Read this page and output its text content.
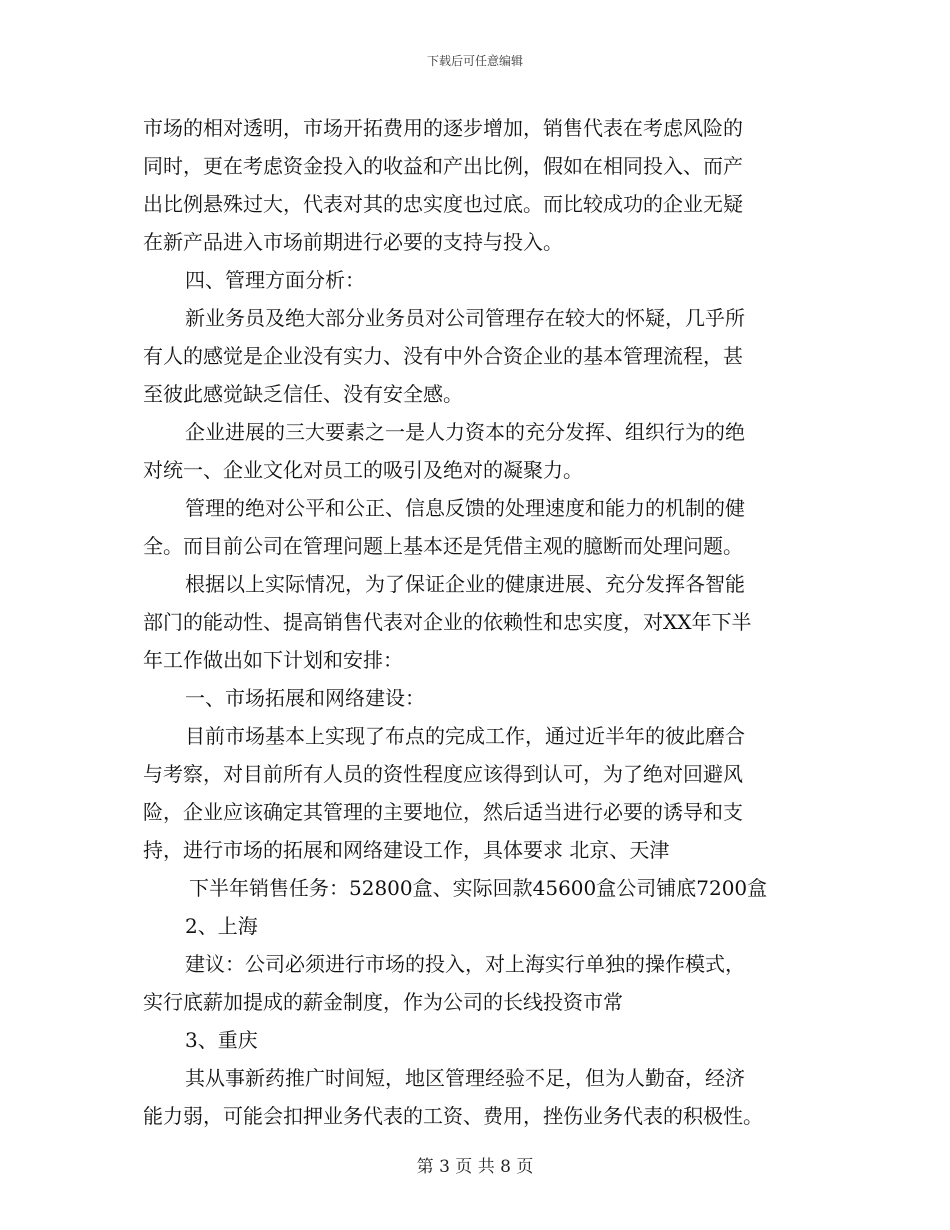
下载后可任意编辑
市场的相对透明，市场开拓费用的逐步增加，销售代表在考虑风险的
同时，更在考虑资金投入的收益和产出比例，假如在相同投入、而产
出比例悬殊过大，代表对其的忠实度也过底。而比较成功的企业无疑
在新产品进入市场前期进行必要的支持与投入。
四、管理方面分析：
新业务员及绝大部分业务员对公司管理存在较大的怀疑，几乎所
有人的感觉是企业没有实力、没有中外合资企业的基本管理流程，甚
至彼此感觉缺乏信任、没有安全感。
企业进展的三大要素之一是人力资本的充分发挥、组织行为的绝
对统一、企业文化对员工的吸引及绝对的凝聚力。
管理的绝对公平和公正、信息反馈的处理速度和能力的机制的健
全。而目前公司在管理问题上基本还是凭借主观的臆断而处理问题。
根据以上实际情况，为了保证企业的健康进展、充分发挥各智能
部门的能动性、提高销售代表对企业的依赖性和忠实度，对XX年下半
年工作做出如下计划和安排：
一、市场拓展和网络建设：
目前市场基本上实现了布点的完成工作，通过近半年的彼此磨合
与考察，对目前所有人员的资性程度应该得到认可，为了绝对回避风
险，企业应该确定其管理的主要地位，然后适当进行必要的诱导和支
持，进行市场的拓展和网络建设工作，具体要求 北京、天津
下半年销售任务：52800盒、实际回款45600盒公司铺底7200盒
2、上海
建议：公司必须进行市场的投入，对上海实行单独的操作模式，
实行底薪加提成的薪金制度，作为公司的长线投资市常
3、重庆
其从事新药推广时间短，地区管理经验不足，但为人勤奋，经济
能力弱，可能会扣押业务代表的工资、费用，挫伤业务代表的积极性。
第 3 页 共 8 页
